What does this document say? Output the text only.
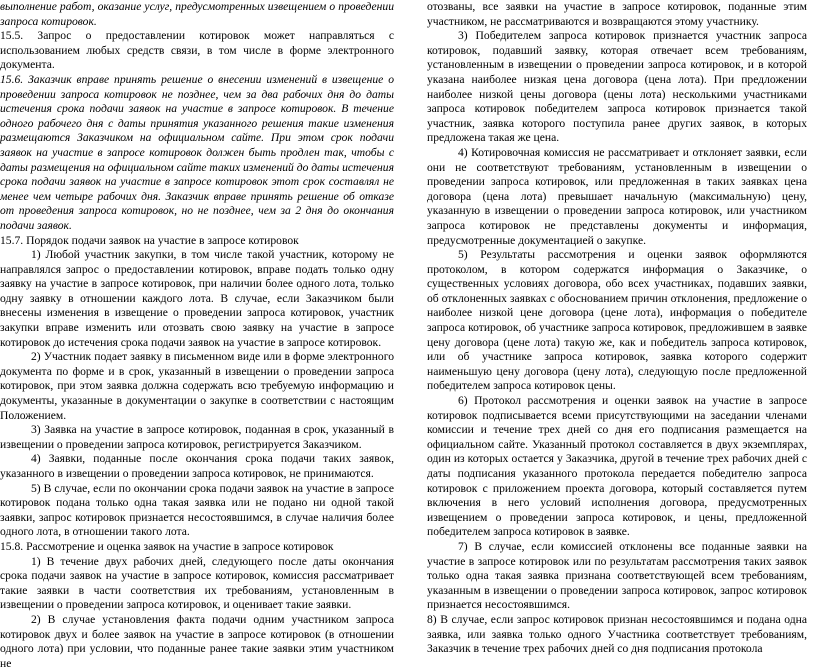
выполнение работ, оказание услуг, предусмотренных извещением о проведении запроса котировок.

15.5. Запрос о предоставлении котировок может направляться с использованием любых средств связи, в том числе в форме электронного документа.

15.6. Заказчик вправе принять решение о внесении изменений в извещение о проведении запроса котировок не позднее, чем за два рабочих дня до даты истечения срока подачи заявок на участие в запросе котировок. В течение одного рабочего дня с даты принятия указанного решения такие изменения размещаются Заказчиком на официальном сайте. При этом срок подачи заявок на участие в запросе котировок должен быть продлен так, чтобы с даты размещения на официальном сайте таких изменений до даты истечения срока подачи заявок на участие в запросе котировок этот срок составлял не менее чем четыре рабочих дня. Заказчик вправе принять решение об отказе от проведения запроса котировок, но не позднее, чем за 2 дня до окончания подачи заявок.

15.7. Порядок подачи заявок на участие в запросе котировок

1) Любой участник закупки, в том числе такой участник, которому не направлялся запрос о предоставлении котировок, вправе подать только одну заявку на участие в запросе котировок, при наличии более одного лота, только одну заявку в отношении каждого лота. В случае, если Заказчиком были внесены изменения в извещение о проведении запроса котировок, участник закупки вправе изменить или отозвать свою заявку на участие в запросе котировок до истечения срока подачи заявок на участие в запросе котировок.

2) Участник подает заявку в письменном виде или в форме электронного документа по форме и в срок, указанный в извещении о проведении запроса котировок, при этом заявка должна содержать всю требуемую информацию и документы, указанные в документации о закупке в соответствии с настоящим Положением.

3) Заявка на участие в запросе котировок, поданная в срок, указанный в извещении о проведении запроса котировок, регистрируется Заказчиком.

4) Заявки, поданные после окончания срока подачи таких заявок, указанного в извещении о проведении запроса котировок, не принимаются.

5) В случае, если по окончании срока подачи заявок на участие в запросе котировок подана только одна такая заявка или не подано ни одной такой заявки, запрос котировок признается несостоявшимся, в случае наличия более одного лота, в отношении такого лота.

15.8. Рассмотрение и оценка заявок на участие в запросе котировок

1) В течение двух рабочих дней, следующего после даты окончания срока подачи заявок на участие в запросе котировок, комиссия рассматривает такие заявки в части соответствия их требованиям, установленным в извещении о проведении запроса котировок, и оценивает такие заявки.

2) В случае установления факта подачи одним участником запроса котировок двух и более заявок на участие в запросе котировок (в отношении одного лота) при условии, что поданные ранее такие заявки этим участником не

отозваны, все заявки на участие в запросе котировок, поданные этим участником, не рассматриваются и возвращаются этому участнику.

3) Победителем запроса котировок признается участник запроса котировок, подавший заявку, которая отвечает всем требованиям, установленным в извещении о проведении запроса котировок, и в которой указана наиболее низкая цена договора (цена лота). При предложении наиболее низкой цены договора (цены лота) несколькими участниками запроса котировок победителем запроса котировок признается такой участник, заявка которого поступила ранее других заявок, в которых предложена такая же цена.

4) Котировочная комиссия не рассматривает и отклоняет заявки, если они не соответствуют требованиям, установленным в извещении о проведении запроса котировок, или предложенная в таких заявках цена договора (цена лота) превышает начальную (максимальную) цену, указанную в извещении о проведении запроса котировок, или участником запроса котировок не представлены документы и информация, предусмотренные документацией о закупке.

5) Результаты рассмотрения и оценки заявок оформляются протоколом, в котором содержатся информация о Заказчике, о существенных условиях договора, обо всех участниках, подавших заявки, об отклоненных заявках с обоснованием причин отклонения, предложение о наиболее низкой цене договора (цене лота), информация о победителе запроса котировок, об участнике запроса котировок, предложившем в заявке цену договора (цене лота) такую же, как и победитель запроса котировок, или об участнике запроса котировок, заявка которого содержит наименьшую цену договора (цену лота), следующую после предложенной победителем запроса котировок цены.

6) Протокол рассмотрения и оценки заявок на участие в запросе котировок подписывается всеми присутствующими на заседании членами комиссии и течение трех дней со дня его подписания размещается на официальном сайте. Указанный протокол составляется в двух экземплярах, один из которых остается у Заказчика, другой в течение трех рабочих дней с даты подписания указанного протокола передается победителю запроса котировок с приложением проекта договора, который составляется путем включения в него условий исполнения договора, предусмотренных извещением о проведении запроса котировок, и цены, предложенной победителем запроса котировок в заявке.

7) В случае, если комиссией отклонены все поданные заявки на участие в запросе котировок или по результатам рассмотрения таких заявок только одна такая заявка признана соответствующей всем требованиям, указанным в извещении о проведении запроса котировок, запрос котировок признается несостоявшимся.

8) В случае, если запрос котировок признан несостоявшимся и подана одна заявка, или заявка только одного Участника соответствует требованиям, Заказчик в течение трех рабочих дней со дня подписания протокола
